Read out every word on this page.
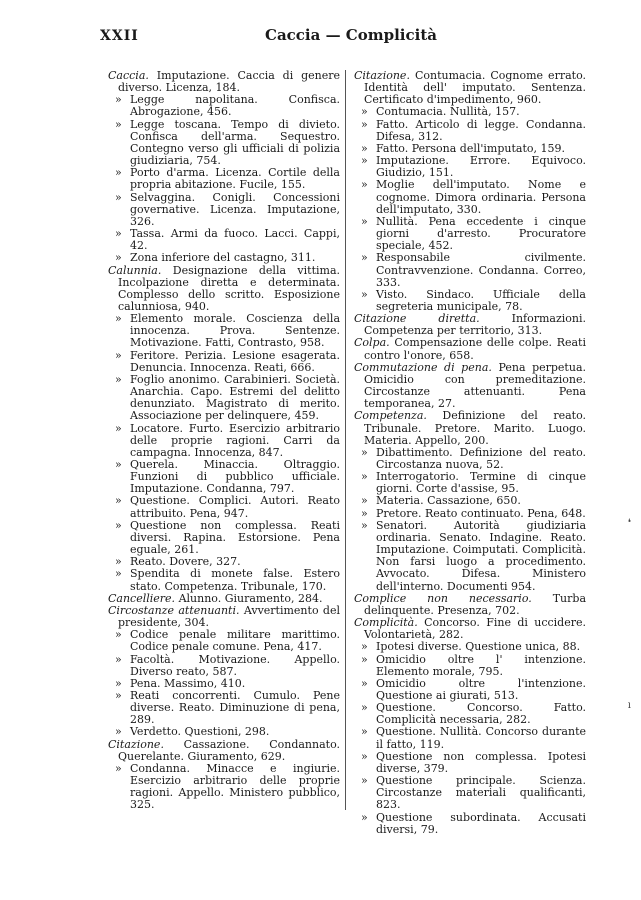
XXII	Caccia — Complicità

Caccia. Imputazione. Caccia di genere diverso. Licenza, 184.

» Legge napolitana. Confisca. Abrogazione, 456.

» Legge toscana. Tempo di divieto. Confisca dell'arma. Sequestro. Contegno verso gli ufficiali di polizia giudiziaria, 754.

» Porto d'arma. Licenza. Cortile della propria abitazione. Fucile, 155.

» Selvaggina. Conigli. Concessioni governative. Licenza. Imputazione, 326.

» Tassa. Armi da fuoco. Lacci. Cappi, 42.

» Zona inferiore del castagno, 311.

Calunnia. Designazione della vittima. Incolpazione diretta e determinata. Complesso dello scritto. Esposizione calunniosa, 940.

» Elemento morale. Coscienza della innocenza. Prova. Sentenze. Motivazione. Fatti, Contrasto, 958.

» Feritore. Perizia. Lesione esagerata. Denuncia. Innocenza. Reati, 666.

» Foglio anonimo. Carabinieri. Società. Anarchia. Capo. Estremi del delitto denunziato. Magistrato di merito. Associazione per delinquere, 459.

» Locatore. Furto. Esercizio arbitrario delle proprie ragioni. Carri da campagna. Innocenza, 847.

» Querela. Minaccia. Oltraggio. Funzioni di pubblico ufficiale. Imputazione. Condanna, 797.

» Questione. Complici. Autori. Reato attribuito. Pena, 947.

» Questione non complessa. Reati diversi. Rapina. Estorsione. Pena eguale, 261.

» Reato. Dovere, 327.

» Spendita di monete false. Estero stato. Competenza. Tribunale, 170.

Cancelliere. Alunno. Giuramento, 284.

Circostanze attenuanti. Avvertimento del presidente, 304.

» Codice penale militare marittimo. Codice penale comune. Pena, 417.

» Facoltà. Motivazione. Appello. Diverso reato, 587.

» Pena. Massimo, 410.

» Reati concorrenti. Cumulo. Pene diverse. Reato. Diminuzione di pena, 289.

» Verdetto. Questioni, 298.

Citazione. Cassazione. Condannato. Querelante. Giuramento, 629.

» Condanna. Minacce e ingiurie. Esercizio arbitrario delle proprie ragioni. Appello. Ministero pubblico, 325.

Citazione. Contumacia. Cognome errato. Identità dell' imputato. Sentenza. Certificato d'impedimento, 960.

» Contumacia. Nullità, 157.

» Fatto. Articolo di legge. Condanna. Difesa, 312.

» Fatto. Persona dell'imputato, 159.

» Imputazione. Errore. Equivoco. Giudizio, 151.

» Moglie dell'imputato. Nome e cognome. Dimora ordinaria. Persona dell'imputato, 330.

» Nullità. Pena eccedente i cinque giorni d'arresto. Procuratore speciale, 452.

» Responsabile civilmente. Contravvenzione. Condanna. Correo, 333.

» Visto. Sindaco. Ufficiale della segreteria municipale, 78.

Citazione diretta.	Informazioni. Competenza per territorio, 313.

Colpa. Compensazione delle colpe. Reati contro l'onore, 658.

Commutazione di pena. Pena perpetua. Omicidio con premeditazione. Circostanze attenuanti. Pena temporanea, 27.

Competenza. Definizione del reato. Tribunale. Pretore. Marito. Luogo. Materia. Appello, 200.

» Dibattimento. Definizione del reato. Circostanza nuova, 52.

» Interrogatorio. Termine di cinque giorni. Corte d'assise, 95.

» Materia. Cassazione, 650.

» Pretore. Reato continuato. Pena, 648.

» Senatori. Autorità giudiziaria ordinaria. Senato. Indagine. Reato. Imputazione. Coimputati. Complicità. Non farsi luogo a procedimento. Avvocato. Difesa. Ministero dell'interno. Documenti 954.

Complice non necessario. Turba delinquente. Presenza, 702.

Complicità. Concorso. Fine di uccidere. Volontarietà, 282.

» Ipotesi diverse. Questione unica, 88.

» Omicidio oltre l' intenzione. Elemento morale, 795.

» Omicidio oltre l'intenzione. Questione ai giurati, 513.

» Questione. Concorso. Fatto. Complicità necessaria, 282.

» Questione. Nullità. Concorso durante il fatto, 119.

» Questione non complessa. Ipotesi diverse, 379.

» Questione principale. Scienza. Circostanze materiali qualificanti, 823.

» Questione subordinata. Accusati diversi, 79.

❛
ı
